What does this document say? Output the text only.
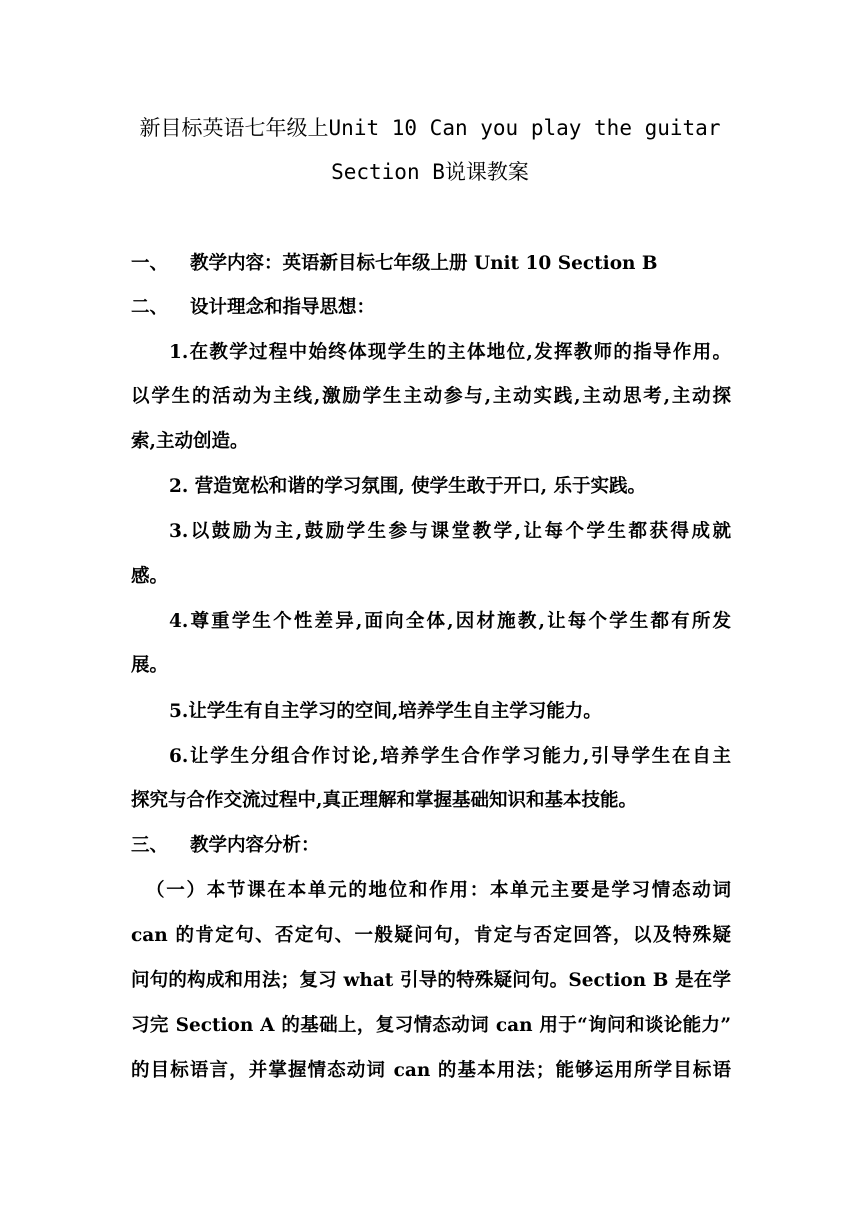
新目标英语七年级上Unit 10 Can you play the guitar
Section B说课教案
一、 教学内容：英语新目标七年级上册 Unit 10 Section B
二、 设计理念和指导思想：
1.在教学过程中始终体现学生的主体地位,发挥教师的指导作用。
以学生的活动为主线,激励学生主动参与,主动实践,主动思考,主动探
索,主动创造。
2. 营造宽松和谐的学习氛围, 使学生敢于开口, 乐于实践。
3.以鼓励为主,鼓励学生参与课堂教学,让每个学生都获得成就
感。
4.尊重学生个性差异,面向全体,因材施教,让每个学生都有所发
展。
5.让学生有自主学习的空间,培养学生自主学习能力。
6.让学生分组合作讨论,培养学生合作学习能力,引导学生在自主
探究与合作交流过程中,真正理解和掌握基础知识和基本技能。
三、 教学内容分析：
（一）本节课在本单元的地位和作用：本单元主要是学习情态动词
can 的肯定句、否定句、一般疑问句，肯定与否定回答，以及特殊疑
问句的构成和用法；复习 what 引导的特殊疑问句。Section B 是在学
习完 Section A 的基础上，复习情态动词 can 用于“询问和谈论能力”
的目标语言，并掌握情态动词 can 的基本用法；能够运用所学目标语
